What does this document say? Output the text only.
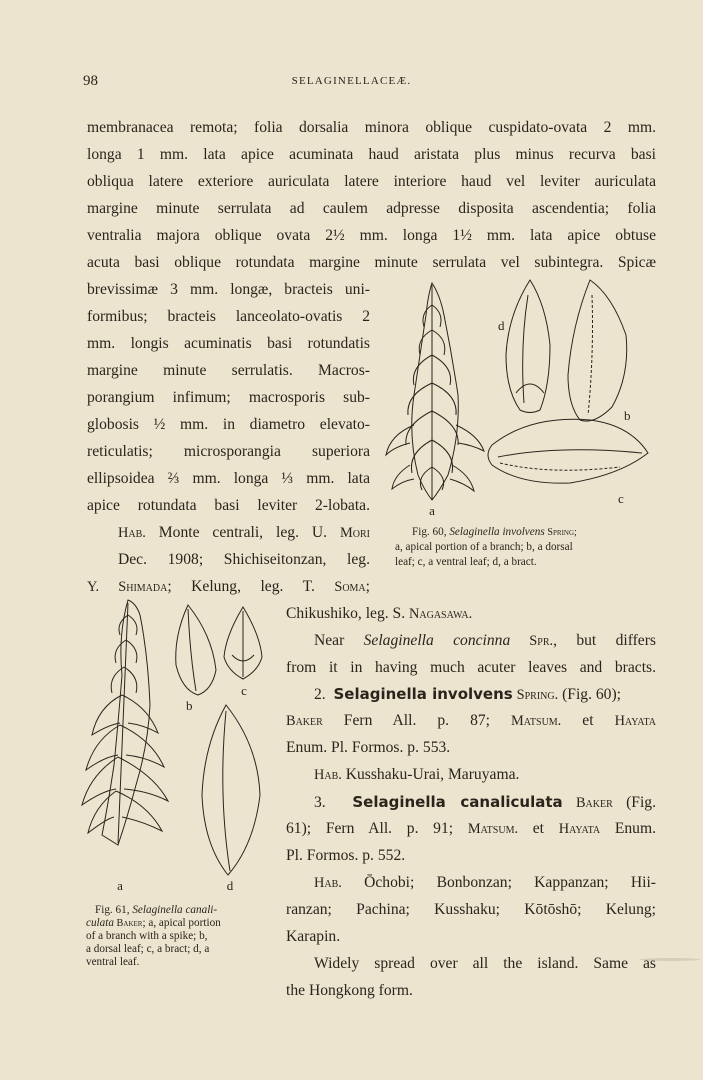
98	SELAGINELLACEÆ.
membranacea remota; folia dorsalia minora oblique cuspidato-ovata 2 mm.
longa 1 mm. lata apice acuminata haud aristata plus minus recurva basi
obliqua latere exteriore auriculata latere interiore haud vel leviter auriculata
margine minute serrulata ad caulem adpresse disposita ascendentia; folia
ventralia majora oblique ovata 2½ mm. longa 1½ mm. lata apice obtuse
acuta basi oblique rotundata margine minute serrulata vel subintegra. Spicæ
brevissimæ 3 mm. longæ, bracteis uni-
formibus; bracteis lanceolato-ovatis 2
mm. longis acuminatis basi rotundatis
margine minute serrulatis. Macros-
porangium infimum; macrosporis sub-
globosis ½ mm. in diametro elevato-
reticulatis; microsporangia superiora
ellipsoidea ⅔ mm. longa ⅓ mm. lata
apice rotundata basi leviter 2-lobata.
Hab. Monte centrali, leg. U. Mori
Dec. 1908; Shichiseitonzan, leg.
Y. Shimada; Kelung, leg. T. Soma;
Chikushiko, leg. S. Nagasawa.
a
b
c
d
Fig. 60, Selaginella involvens Spring;
a, apical portion of a branch; b, a dorsal
leaf; c, a ventral leaf; d, a bract.
Near Selaginella concinna Spr., but differs
from it in having much acuter leaves and bracts.
2. Selaginella involvens Spring. (Fig. 60);
Baker Fern All. p. 87; Matsum. et Hayata
Enum. Pl. Formos. p. 553.
Hab. Kusshaku-Urai, Maruyama.
3. Selaginella canaliculata Baker (Fig.
61); Fern All. p. 91; Matsum. et Hayata Enum.
Pl. Formos. p. 552.
Hab. Ōchobi; Bonbonzan; Kappanzan; Hii-
ranzan; Pachina; Kusshaku; Kōtōshō; Kelung;
Karapin.
Widely spread over all the island. Same as
the Hongkong form.
a
b
c
d
Fig. 61, Selaginella canali-
culata Baker; a, apical portion
of a branch with a spike; b,
a dorsal leaf; c, a bract; d, a
ventral leaf.
